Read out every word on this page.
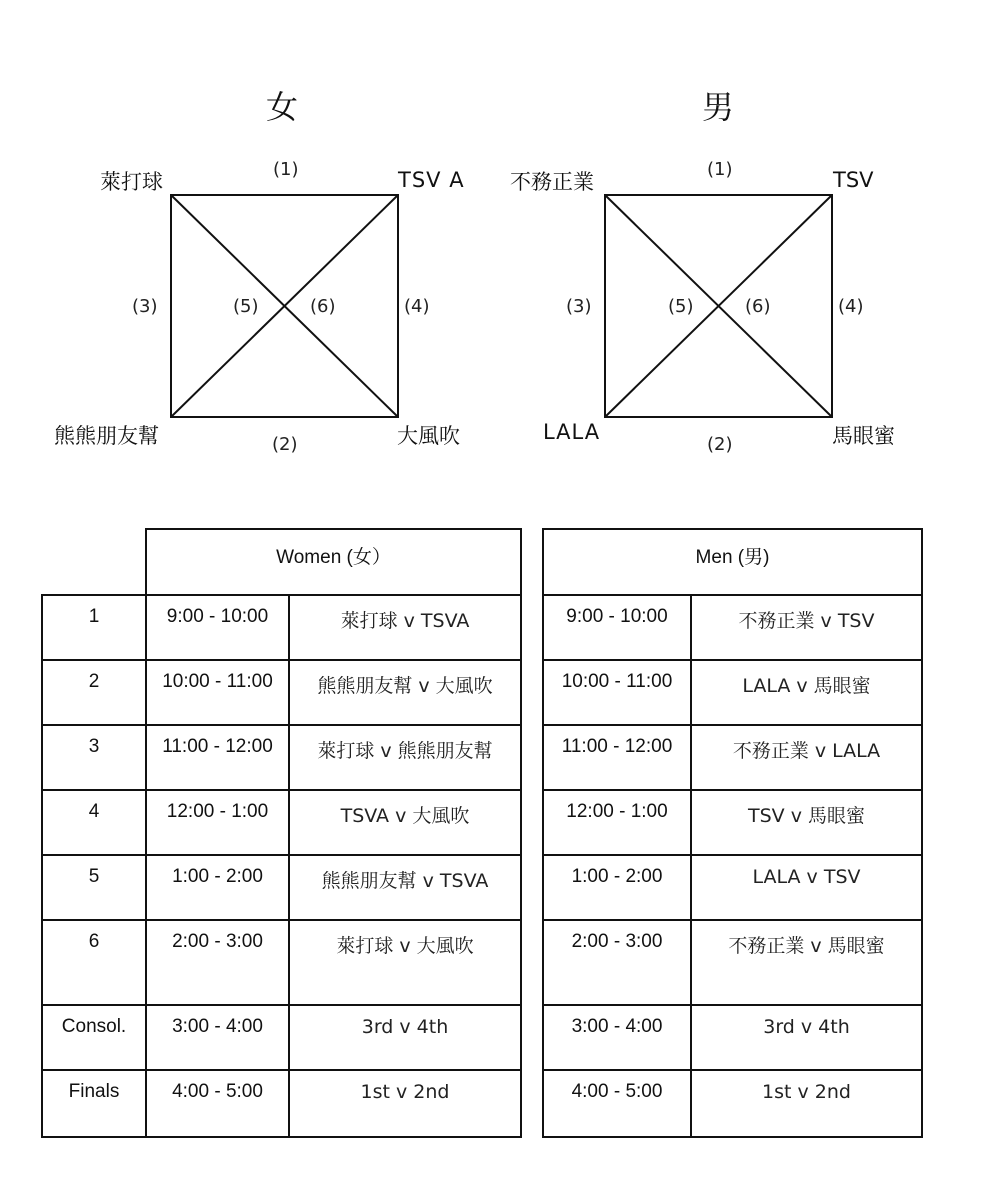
女
萊打球	TSV A
熊熊朋友幫	大風吹
(1)
(2)
(3)	(4)
(5)	(6)
男
不務正業	TSV
LALA	馬眼蜜
(1)
(2)
(3)	(4)
(5)	(6)
	Women (女）	
1	9:00 - 10:00	萊打球 v TSVA
2	10:00 - 11:00	熊熊朋友幫 v 大風吹
3	11:00 - 12:00	萊打球 v 熊熊朋友幫
4	12:00 - 1:00	TSVA v 大風吹
5	1:00 - 2:00	熊熊朋友幫 v TSVA
6	2:00 - 3:00	萊打球 v 大風吹
Consol.	3:00 - 4:00	3rd v 4th
Finals	4:00 - 5:00	1st v 2nd
Men (男)	
9:00 - 10:00	不務正業 v TSV
10:00 - 11:00	LALA v 馬眼蜜
11:00 - 12:00	不務正業 v LALA
12:00 - 1:00	TSV v 馬眼蜜
1:00 - 2:00	LALA v TSV
2:00 - 3:00	不務正業 v 馬眼蜜
3:00 - 4:00	3rd v 4th
4:00 - 5:00	1st v 2nd
